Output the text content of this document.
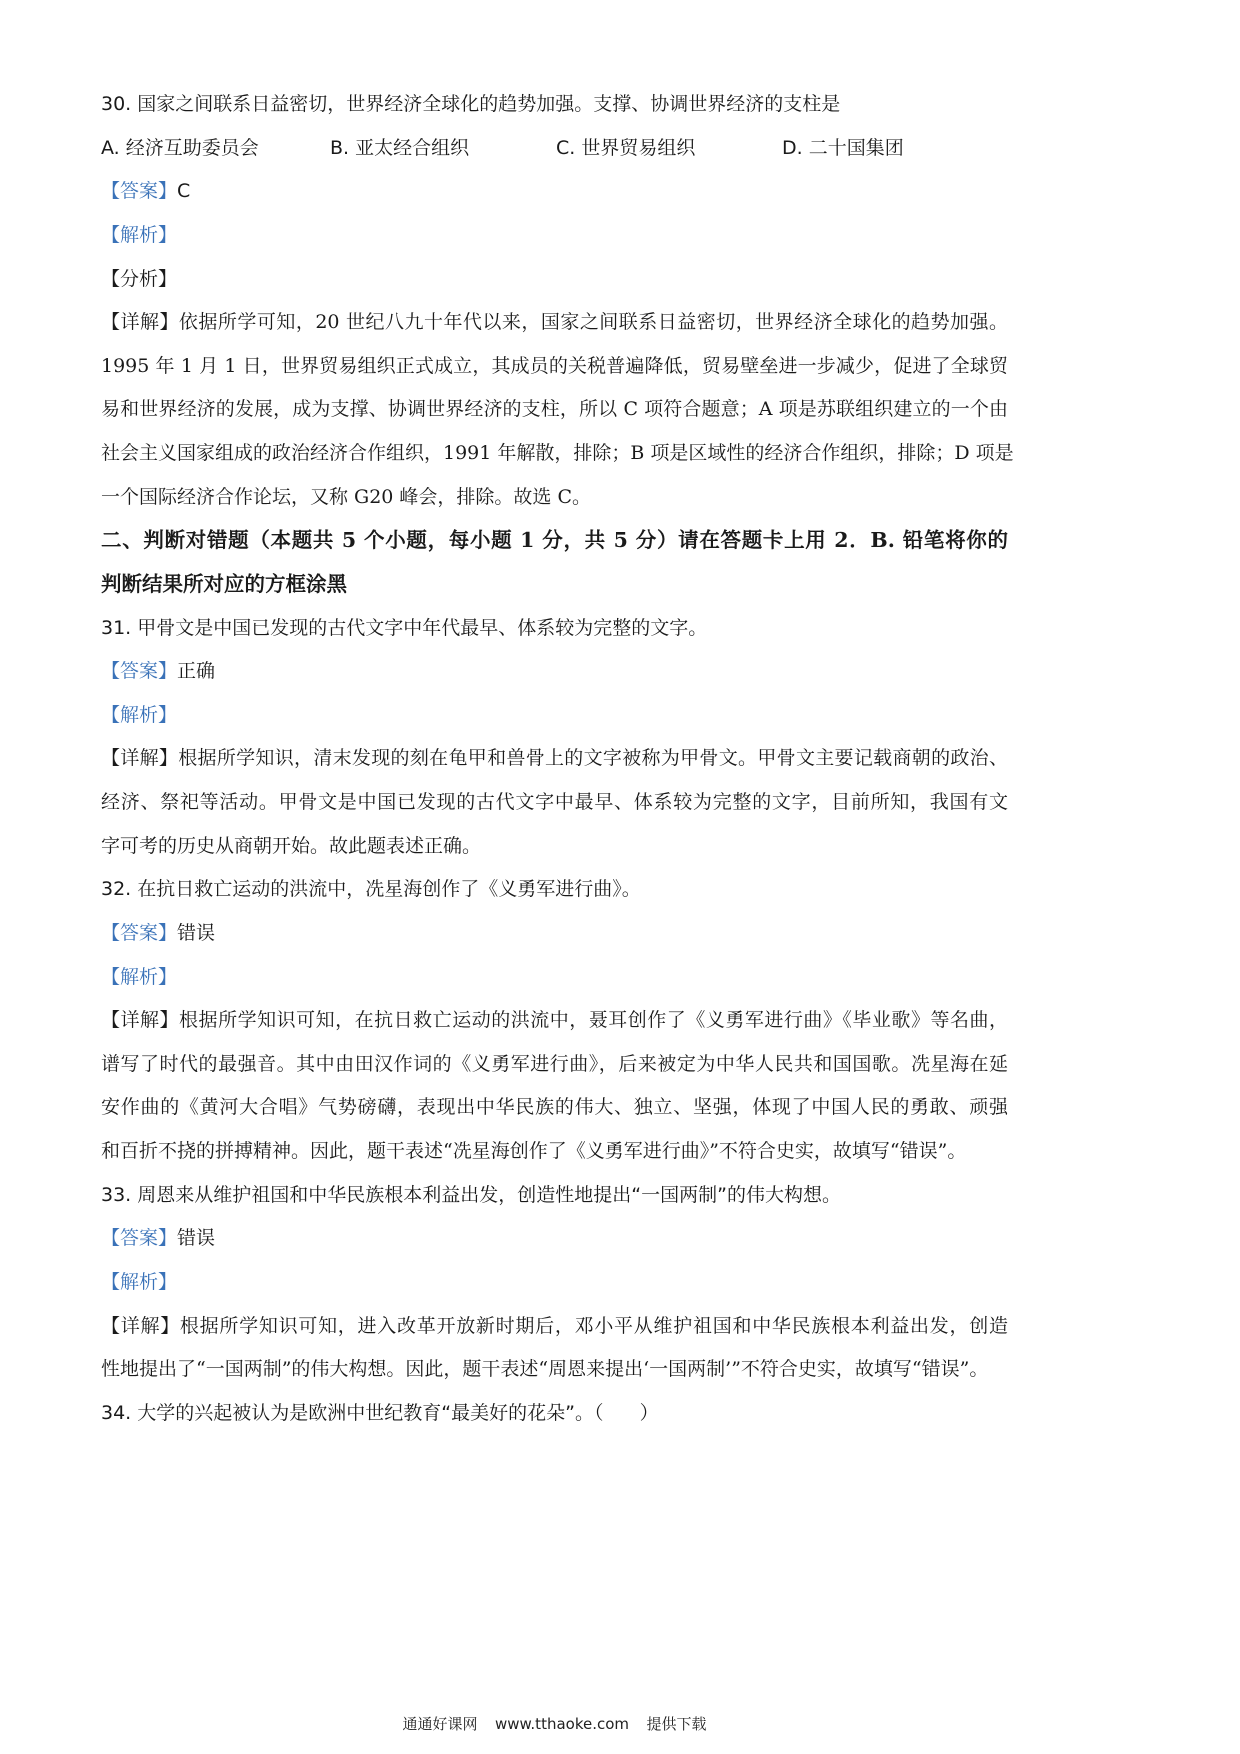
30. 国家之间联系日益密切，世界经济全球化的趋势加强。支撑、协调世界经济的支柱是
A. 经济互助委员会	B. 亚太经合组织	C. 世界贸易组织	D. 二十国集团
【答案】C
【解析】
【分析】
【详解】依据所学可知，20 世纪八九十年代以来，国家之间联系日益密切，世界经济全球化的趋势加强。
1995 年 1 月 1 日，世界贸易组织正式成立，其成员的关税普遍降低，贸易壁垒进一步减少，促进了全球贸
易和世界经济的发展，成为支撑、协调世界经济的支柱，所以 C 项符合题意；A 项是苏联组织建立的一个由
社会主义国家组成的政治经济合作组织，1991 年解散，排除；B 项是区域性的经济合作组织，排除；D 项是
一个国际经济合作论坛，又称 G20 峰会，排除。故选 C。
二、判断对错题（本题共 5 个小题，每小题 1 分，共 5 分）请在答题卡上用 2．B. 铅笔将你的
判断结果所对应的方框涂黑
31. 甲骨文是中国已发现的古代文字中年代最早、体系较为完整的文字。
【答案】正确
【解析】
【详解】根据所学知识，清末发现的刻在龟甲和兽骨上的文字被称为甲骨文。甲骨文主要记载商朝的政治、
经济、祭祀等活动。甲骨文是中国已发现的古代文字中最早、体系较为完整的文字，目前所知，我国有文
字可考的历史从商朝开始。故此题表述正确。
32. 在抗日救亡运动的洪流中，冼星海创作了《义勇军进行曲》。
【答案】错误
【解析】
【详解】根据所学知识可知，在抗日救亡运动的洪流中，聂耳创作了《义勇军进行曲》《毕业歌》等名曲，
谱写了时代的最强音。其中由田汉作词的《义勇军进行曲》，后来被定为中华人民共和国国歌。冼星海在延
安作曲的《黄河大合唱》气势磅礴，表现出中华民族的伟大、独立、坚强，体现了中国人民的勇敢、顽强
和百折不挠的拼搏精神。因此，题干表述“冼星海创作了《义勇军进行曲》”不符合史实，故填写“错误”。
33. 周恩来从维护祖国和中华民族根本利益出发，创造性地提出“一国两制”的伟大构想。
【答案】错误
【解析】
【详解】根据所学知识可知，进入改革开放新时期后，邓小平从维护祖国和中华民族根本利益出发，创造
性地提出了“一国两制”的伟大构想。因此，题干表述“周恩来提出‘一国两制’”不符合史实，故填写“错误”。
34. 大学的兴起被认为是欧洲中世纪教育“最美好的花朵”。（      ）
通通好课网  www.tthaoke.com  提供下载
